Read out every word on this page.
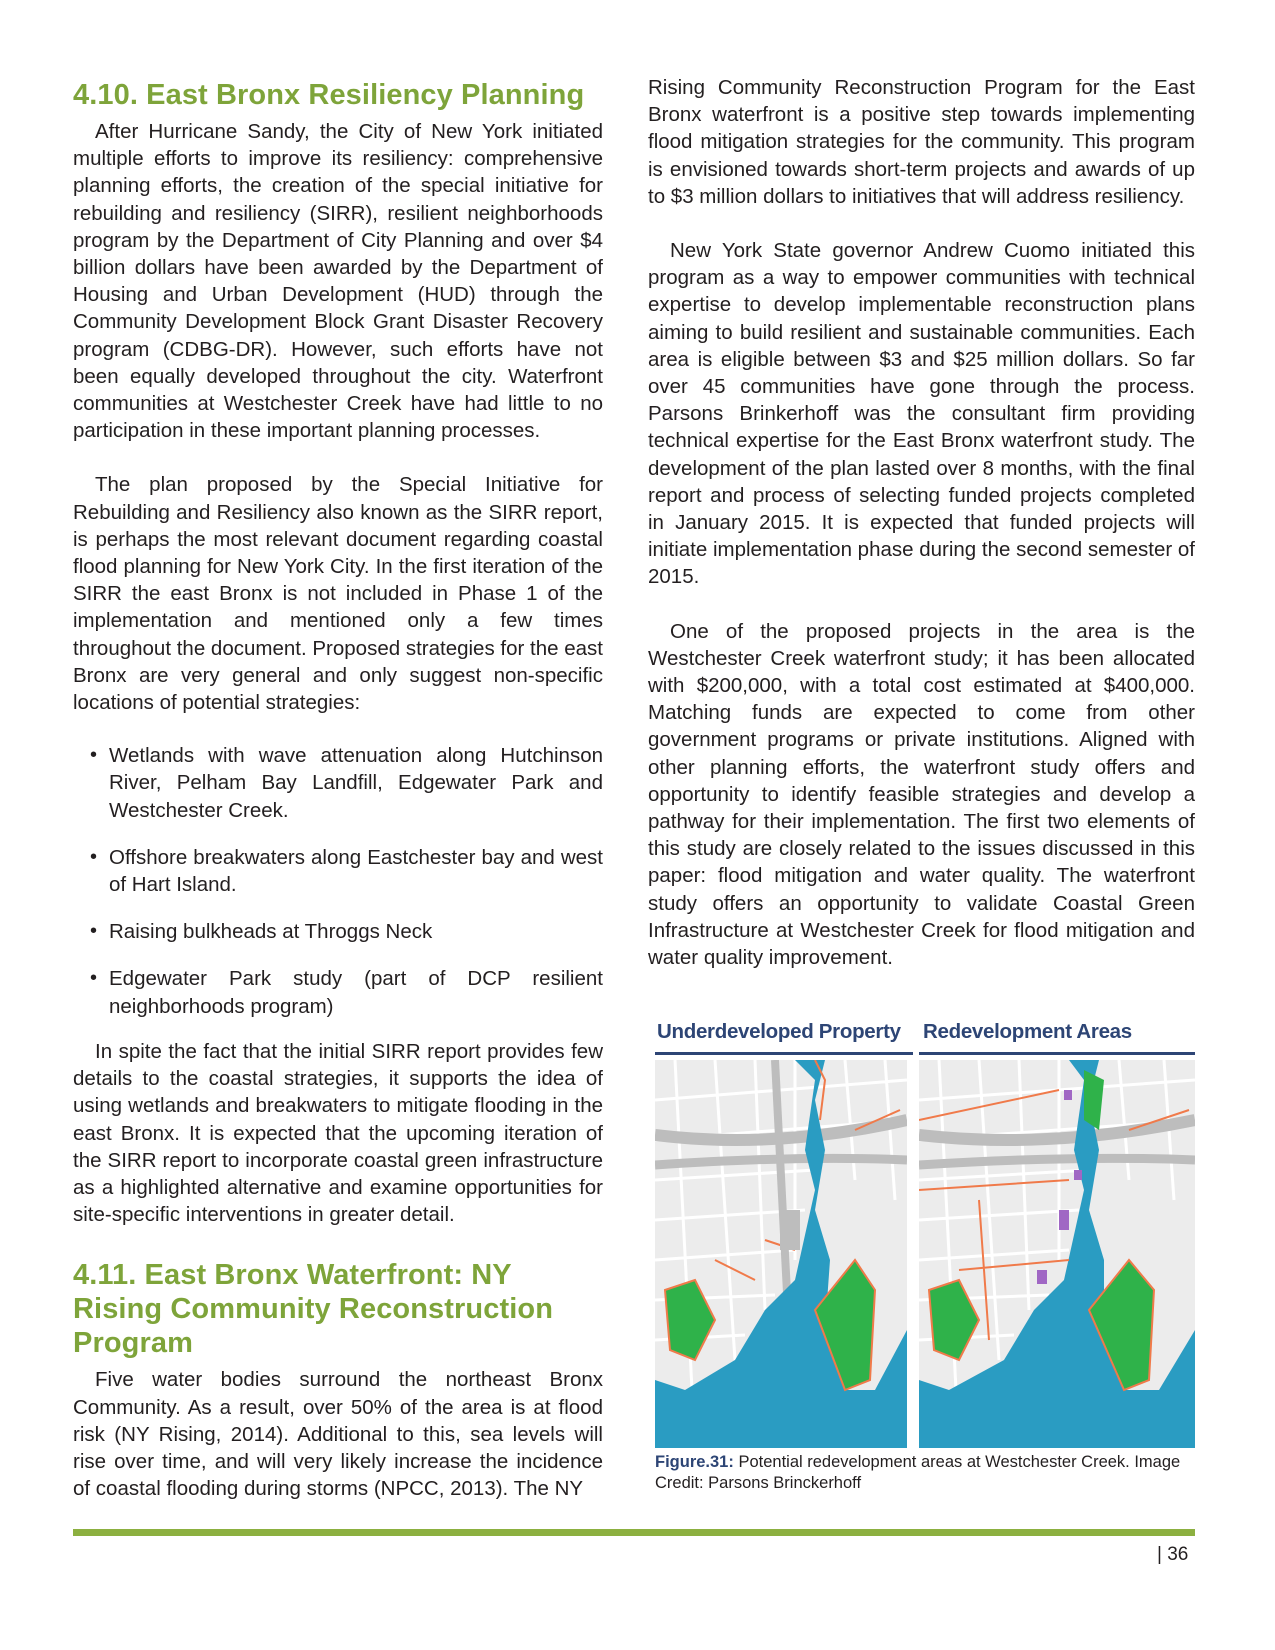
4.10. East Bronx Resiliency Planning

After Hurricane Sandy, the City of New York initiated multiple efforts to improve its resiliency: comprehensive planning efforts, the creation of the special initiative for rebuilding and resiliency (SIRR), resilient neighborhoods program by the Department of City Planning and over $4 billion dollars have been awarded by the Department of Housing and Urban Development (HUD) through the Community Development Block Grant Disaster Recovery program (CDBG-DR). However, such efforts have not been equally developed throughout the city. Waterfront communities at Westchester Creek have had little to no participation in these important planning processes.

The plan proposed by the Special Initiative for Rebuilding and Resiliency also known as the SIRR report, is perhaps the most relevant document regarding coastal flood planning for New York City. In the first iteration of the SIRR the east Bronx is not included in Phase 1 of the implementation and mentioned only a few times throughout the document. Proposed strategies for the east Bronx are very general and only suggest non-specific locations of potential strategies:

• Wetlands with wave attenuation along Hutchinson River, Pelham Bay Landfill, Edgewater Park and Westchester Creek.
• Offshore breakwaters along Eastchester bay and west of Hart Island.
• Raising bulkheads at Throggs Neck
• Edgewater Park study (part of DCP resilient neighborhoods program)

In spite the fact that the initial SIRR report provides few details to the coastal strategies, it supports the idea of using wetlands and breakwaters to mitigate flooding in the east Bronx. It is expected that the upcoming iteration of the SIRR report to incorporate coastal green infrastructure as a highlighted alternative and examine opportunities for site-specific interventions in greater detail.

4.11. East Bronx Waterfront: NY Rising Community Reconstruction Program

Five water bodies surround the northeast Bronx Community. As a result, over 50% of the area is at flood risk (NY Rising, 2014). Additional to this, sea levels will rise over time, and will very likely increase the incidence of coastal flooding during storms (NPCC, 2013). The NY

Rising Community Reconstruction Program for the East Bronx waterfront is a positive step towards implementing flood mitigation strategies for the community. This program is envisioned towards short-term projects and awards of up to $3 million dollars to initiatives that will address resiliency.

New York State governor Andrew Cuomo initiated this program as a way to empower communities with technical expertise to develop implementable reconstruction plans aiming to build resilient and sustainable communities. Each area is eligible between $3 and $25 million dollars. So far over 45 communities have gone through the process. Parsons Brinkerhoff was the consultant firm providing technical expertise for the East Bronx waterfront study. The development of the plan lasted over 8 months, with the final report and process of selecting funded projects completed in January 2015. It is expected that funded projects will initiate implementation phase during the second semester of 2015.

One of the proposed projects in the area is the Westchester Creek waterfront study; it has been allocated with $200,000, with a total cost estimated at $400,000. Matching funds are expected to come from other government programs or private institutions. Aligned with other planning efforts, the waterfront study offers and opportunity to identify feasible strategies and develop a pathway for their implementation. The first two elements of this study are closely related to the issues discussed in this paper: flood mitigation and water quality. The waterfront study offers an opportunity to validate Coastal Green Infrastructure at Westchester Creek for flood mitigation and water quality improvement.

Underdeveloped Property Redevelopment Areas
Figure.31: Potential redevelopment areas at Westchester Creek. Image Credit: Parsons Brinckerhoff
| 36
